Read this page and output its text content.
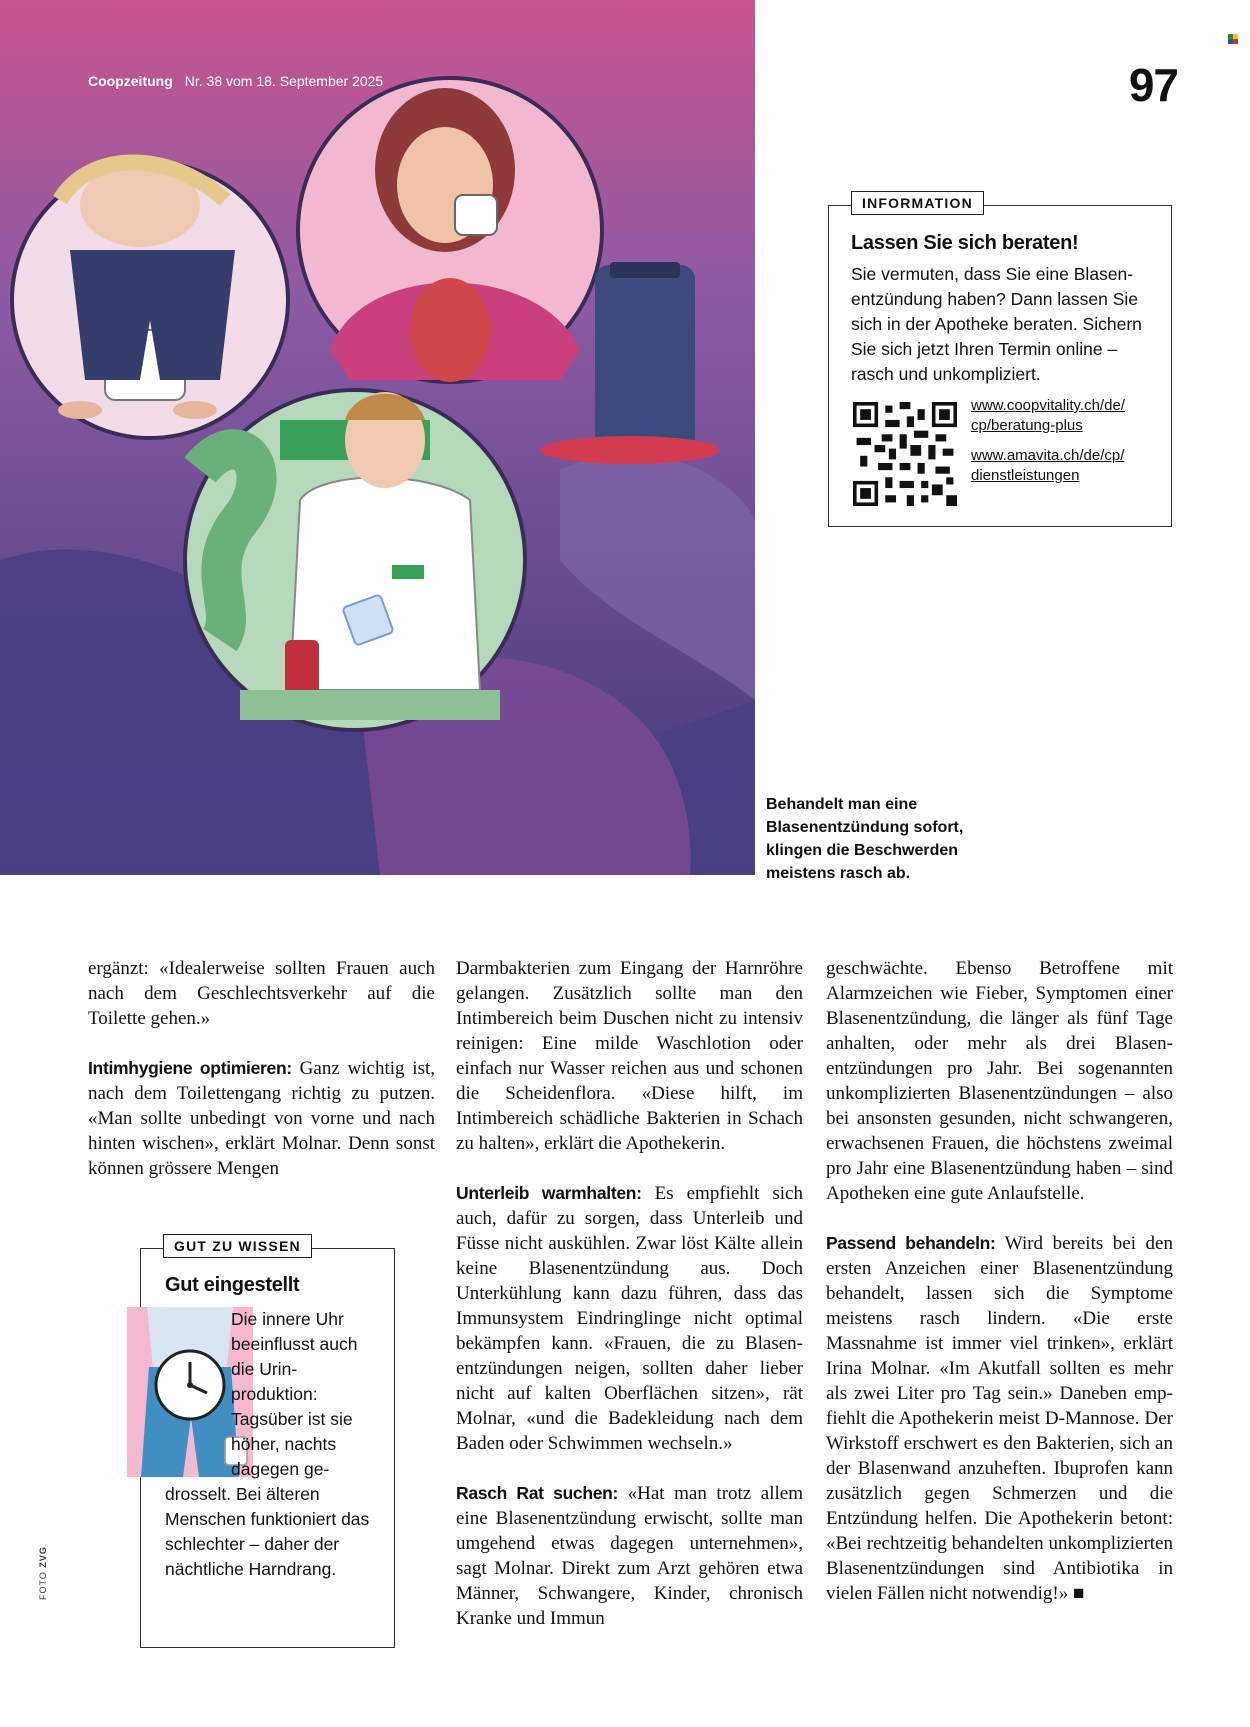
Coopzeitung Nr. 38 vom 18. September 2025	97
INFORMATION
Lassen Sie sich beraten!
Sie vermuten, dass Sie eine Blasenentzündung haben? Dann lassen Sie sich in der Apotheke beraten. Sichern Sie sich jetzt Ihren Termin online – rasch und unkompliziert.
www.coopvitality.ch/de/
cp/beratung-plus
www.amavita.ch/de/cp/
dienstleistungen
Behandelt man eine Blasenentzündung sofort, klingen die Beschwerden meistens rasch ab.

ergänzt: «Idealerweise sollten Frauen auch nach dem Geschlechtsverkehr auf die Toilette gehen.»

Intimhygiene optimieren: Ganz wichtig ist, nach dem Toilettengang richtig zu putzen. «Man sollte unbedingt von vorne und nach hinten wischen», erklärt Molnar. Denn sonst können grössere Mengen

GUT ZU WISSEN
Gut eingestellt
Die innere Uhr beeinflusst auch die Urinproduktion: Tagsüber ist sie höher, nachts dagegen gedrosselt. Bei älteren Menschen funktioniert das schlechter – daher der nächtliche Harndrang.

Darmbakterien zum Eingang der Harnröhre gelangen. Zusätzlich sollte man den Intimbereich beim Duschen nicht zu intensiv reinigen: Eine milde Waschlotion oder einfach nur Wasser reichen aus und schonen die Scheidenflora. «Diese hilft, im Intimbereich schädliche Bakterien in Schach zu halten», erklärt die Apothekerin.

Unterleib warmhalten: Es empfiehlt sich auch, dafür zu sorgen, dass Unterleib und Füsse nicht auskühlen. Zwar löst Kälte allein keine Blasenentzündung aus. Doch Unterkühlung kann dazu führen, dass das Immunsystem Eindringlinge nicht optimal bekämpfen kann. «Frauen, die zu Blasenentzündungen neigen, sollten daher lieber nicht auf kalten Oberflächen sitzen», rät Molnar, «und die Badekleidung nach dem Baden oder Schwimmen wechseln.»

Rasch Rat suchen: «Hat man trotz allem eine Blasenentzündung erwischt, sollte man umgehend etwas dagegen unternehmen», sagt Molnar. Direkt zum Arzt gehören etwa Männer, Schwangere, Kinder, chronisch Kranke und Immun

geschwächte. Ebenso Betroffene mit Alarmzeichen wie Fieber, Symptomen einer Blasenentzündung, die länger als fünf Tage anhalten, oder mehr als drei Blasenentzündungen pro Jahr. Bei sogenannten unkomplizierten Blasenentzündungen – also bei ansonsten gesunden, nicht schwangeren, erwachsenen Frauen, die höchstens zweimal pro Jahr eine Blasenentzündung haben – sind Apotheken eine gute Anlaufstelle.

Passend behandeln: Wird bereits bei den ersten Anzeichen einer Blasenentzündung behandelt, lassen sich die Symptome meistens rasch lindern. «Die erste Massnahme ist immer viel trinken», erklärt Irina Molnar. «Im Akutfall sollten es mehr als zwei Liter pro Tag sein.» Daneben empfiehlt die Apothekerin meist D-Mannose. Der Wirkstoff erschwert es den Bakterien, sich an der Blasenwand anzuheften. Ibuprofen kann zusätzlich gegen Schmerzen und die Entzündung helfen. Die Apothekerin betont: «Bei rechtzeitig behandelten unkomplizierten Blasenentzündungen sind Antibiotika in vielen Fällen nicht notwendig!» ■

FOTO ZVG
